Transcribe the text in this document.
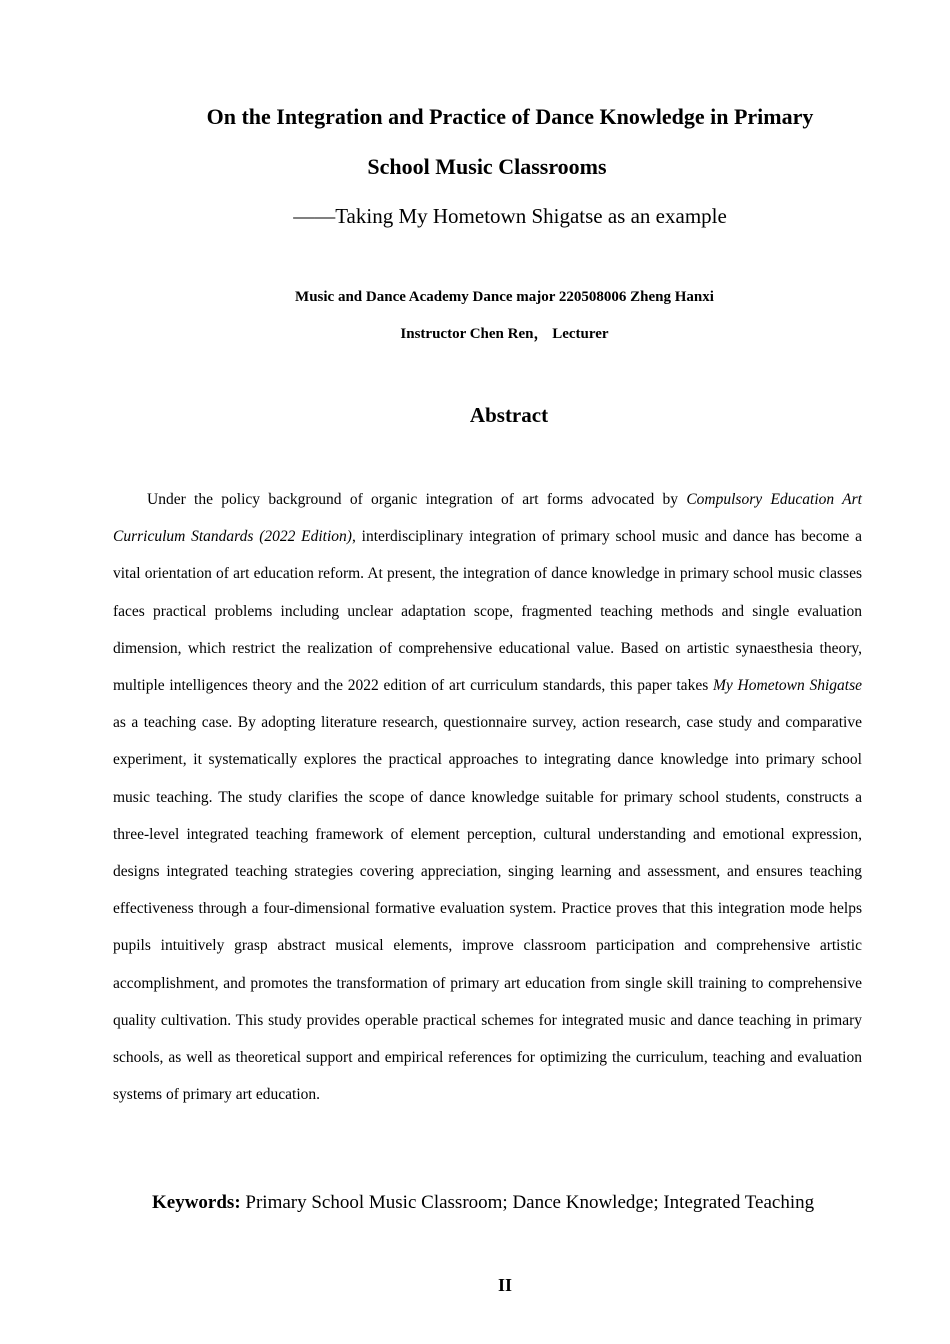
On the Integration and Practice of Dance Knowledge in Primary
School Music Classrooms
——Taking My Hometown Shigatse as an example
Music and Dance Academy Dance major 220508006 Zheng Hanxi
Instructor Chen Ren， Lecturer
Abstract

Under the policy background of organic integration of art forms advocated by Compulsory Education Art Curriculum Standards (2022 Edition), interdisciplinary integration of primary school music and dance has become a vital orientation of art education reform. At present, the integration of dance knowledge in primary school music classes faces practical problems including unclear adaptation scope, fragmented teaching methods and single evaluation dimension, which restrict the realization of comprehensive educational value. Based on artistic synaesthesia theory, multiple intelligences theory and the 2022 edition of art curriculum standards, this paper takes My Hometown Shigatse as a teaching case. By adopting literature research, questionnaire survey, action research, case study and comparative experiment, it systematically explores the practical approaches to integrating dance knowledge into primary school music teaching. The study clarifies the scope of dance knowledge suitable for primary school students, constructs a three-level integrated teaching framework of element perception, cultural understanding and emotional expression, designs integrated teaching strategies covering appreciation, singing learning and assessment, and ensures teaching effectiveness through a four-dimensional formative evaluation system. Practice proves that this integration mode helps pupils intuitively grasp abstract musical elements, improve classroom participation and comprehensive artistic accomplishment, and promotes the transformation of primary art education from single skill training to comprehensive quality cultivation. This study provides operable practical schemes for integrated music and dance teaching in primary schools, as well as theoretical support and empirical references for optimizing the curriculum, teaching and evaluation systems of primary art education.

Keywords: Primary School Music Classroom; Dance Knowledge; Integrated Teaching
II
